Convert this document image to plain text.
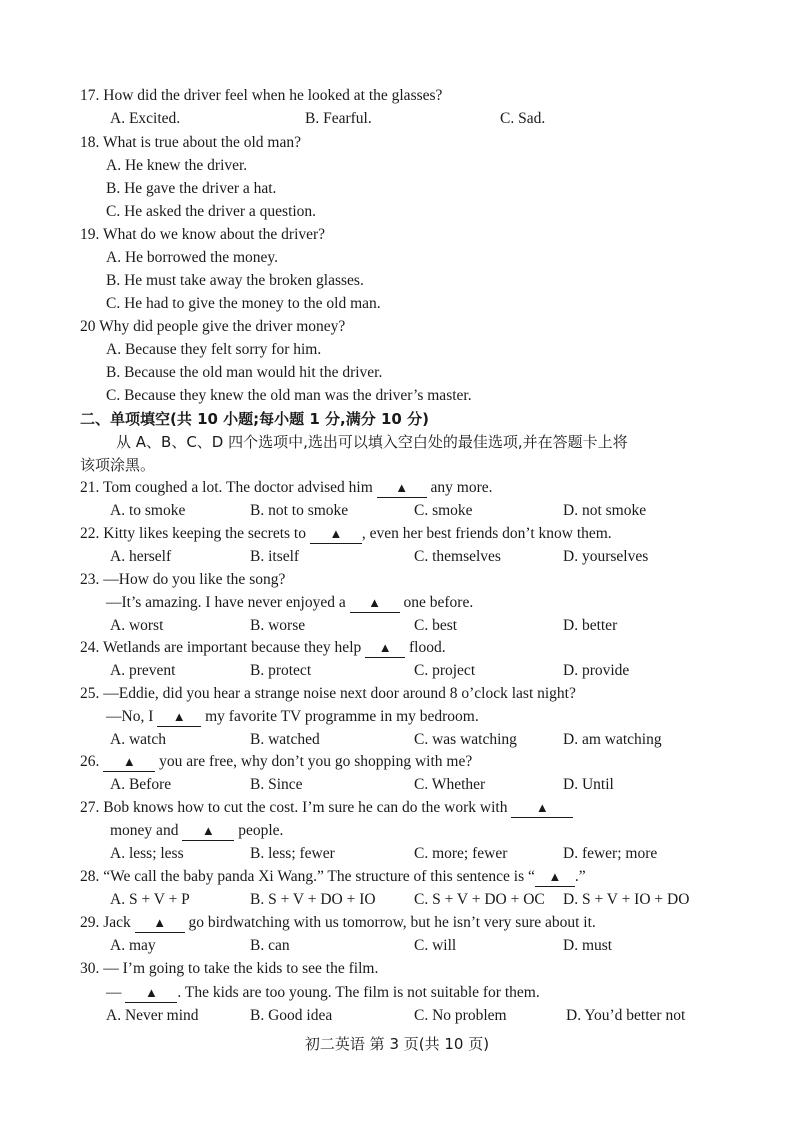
17. How did the driver feel when he looked at the glasses?
A. Excited.	B. Fearful.	C. Sad.
18. What is true about the old man?
A. He knew the driver.
B. He gave the driver a hat.
C. He asked the driver a question.
19. What do we know about the driver?
A. He borrowed the money.
B. He must take away the broken glasses.
C. He had to give the money to the old man.
20 Why did people give the driver money?
A. Because they felt sorry for him.
B. Because the old man would hit the driver.
C. Because they knew the old man was the driver’s master.
二、单项填空(共 10 小题;每小题 1 分,满分 10 分)
从 A、B、C、D 四个选项中,选出可以填入空白处的最佳选项,并在答题卡上将
该项涂黑。
21. Tom coughed a lot. The doctor advised him ▲ any more.
A. to smoke	B. not to smoke	C. smoke	D. not smoke
22. Kitty likes keeping the secrets to ▲ , even her best friends don’t know them.
A. herself	B. itself	C. themselves	D. yourselves
23. —How do you like the song?
—It’s amazing. I have never enjoyed a ▲ one before.
A. worst	B. worse	C. best	D. better
24. Wetlands are important because they help ▲ flood.
A. prevent	B. protect	C. project	D. provide
25. —Eddie, did you hear a strange noise next door around 8 o’clock last night?
—No, I ▲ my favorite TV programme in my bedroom.
A. watch	B. watched	C. was watching	D. am watching
26. ▲ you are free, why don’t you go shopping with me?
A. Before	B. Since	C. Whether	D. Until
27. Bob knows how to cut the cost. I’m sure he can do the work with ▲
money and ▲ people.
A. less; less	B. less; fewer	C. more; fewer	D. fewer; more
28. “We call the baby panda Xi Wang.” The structure of this sentence is “ ▲ .”
A. S + V + P	B. S + V + DO + IO C. S + V + DO + OC D. S + V + IO + DO
29. Jack ▲ go birdwatching with us tomorrow, but he isn’t very sure about it.
A. may	B. can	C. will	D. must
30. — I’m going to take the kids to see the film.
— ▲ . The kids are too young. The film is not suitable for them.
A. Never mind	B. Good idea	C. No problem	D. You’d better not
初二英语 第 3 页(共 10 页)
